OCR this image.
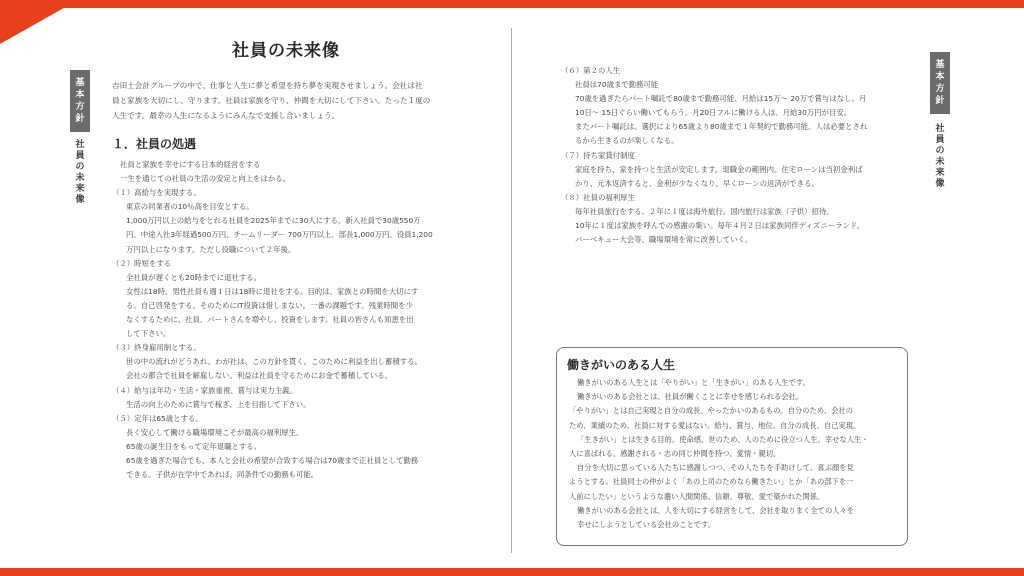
基
本
方
針
社
員
の
未
来
像
基
本
方
針
社
員
の
未
来
像
社員の未来像
吉田土会計グループの中で、仕事と人生に夢と希望を持ち夢を実現させましょう。会社は社
員と家族を大切にし、守ります。社員は家族を守り、仲間を大切にして下さい。たった１度の
人生です。最幸の人生になるようにみんなで支援し合いましょう。
１．社員の処遇
社員と家族を幸せにする日本的経営をする
一生を通じての社員の生活の安定と向上をはかる。
（１）高給与を実現する。
東京の同業者の10％高を目安とする。
1,000万円以上の給与をとれる社員を2025年までに30人にする。新入社員で30歳550万
円、中途入社3年経過500万円、チームリーダー 700万円以上、部長1,000万円、役員1,200
万円以上になります。ただし役職について２年後。
（２）時短をする
全社員が遅くとも20時までに退社する。
女性は18時、男性社員も週１日は18時に退社をする。目的は、家族との時間を大切にす
る。自己啓発をする。そのためにIT投資は惜しまない。一番の課題です。残業時間を少
なくするために、社員、パートさんを増やし、投資をします。社員の皆さんも知恵を出
して下さい。
（３）終身雇用制とする。
世の中の流れがどうあれ、わが社は、この方針を貫く。このために利益を出し蓄積する。
会社の都合で社員を解雇しない。利益は社員を守るためにお金で蓄積している。
（４）給与は年功・生活・家族重視、賞与は実力主義。
生活の向上のために賞与で稼ぎ、上を目指して下さい。
（５）定年は65歳とする。
長く安心して働ける職場環境こそが最高の福利厚生。
65歳の誕生日をもって定年退職とする。
65歳を過ぎた場合でも、本人と会社の希望が合致する場合は70歳まで正社員として勤務
できる。子供が在学中であれば、同条件での勤務も可能。
（６）第２の人生
社員は70歳まで勤務可能
70歳を過ぎたらパート嘱託で80歳まで勤務可能、月給は15万～ 20万で賞与はなし。月
10日～ 15日ぐらい働いてもらう。月20日フルに働ける人は、月給30万円が目安。
またパート嘱託は、選択により65歳より80歳まで１年契約で勤務可能。人は必要とされ
るから生きるのが楽しくなる。
（７）持ち家貸付制度
家庭を持ち、家を持つと生活が安定します。退職金の範囲内。住宅ローンは当初金利ば
かり、元本返済すると、金利が少なくなり、早くローンの返済ができる。
（８）社員の福利厚生
毎年社員旅行をする。２年に１度は海外旅行。国内旅行は家族（子供）招待。
10年に１度は家族を呼んでの感謝の集い。毎年４月２日は家族同伴ディズニーランド。
バーベキュー大会等、職場環境を常に改善していく。
働きがいのある人生
働きがいのある人生とは「やりがい」と「生きがい」のある人生です。
働きがいのある会社とは、社員が働くことに幸せを感じられる会社。
「やりがい」とは自己実現と自分の成長、やったかいのあるもの。自分のため、会社の
ため、業績のため、社員に対する愛はない。給与、賞与、地位、自分の成長、自己実現。
「生きがい」とは生きる目的。使命感、世のため、人のために役立つ人生。幸せな人生・
人に喜ばれる、感謝される・志の同じ仲間を持つ、愛情・親切。
自分を大切に思っている人たちに感謝しつつ、その人たちを手助けして、喜ぶ顔を見
ようとする。社員同士の仲がよく「あの上司のためなら働きたい」とか「あの部下を一
人前にしたい」というような濃い人間関係、信頼、尊敬、愛で築かれた関係。
働きがいのある会社とは、人を大切にする経営をして、会社を取りまく全ての人々を
幸せにしようとしている会社のことです。
